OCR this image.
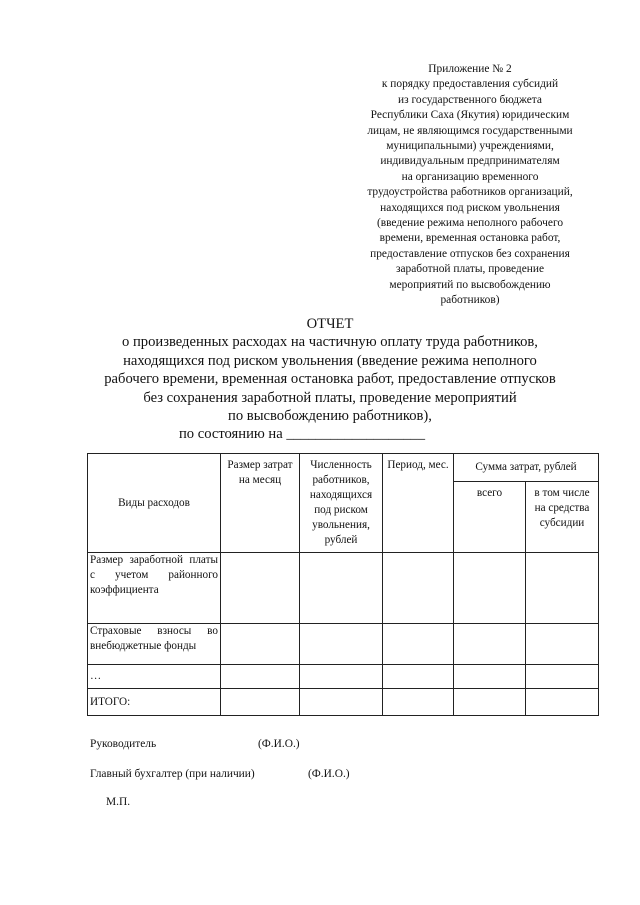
Приложение № 2
к порядку предоставления субсидий
из государственного бюджета
Республики Саха (Якутия) юридическим
лицам, не являющимся государственными
муниципальными) учреждениями,
индивидуальным предпринимателям
на организацию временного
трудоустройства работников организаций,
находящихся под риском увольнения
(введение режима неполного рабочего
времени, временная остановка работ,
предоставление отпусков без сохранения
заработной платы, проведение
мероприятий по высвобождению
работников)
ОТЧЕТ
о произведенных расходах на частичную оплату труда работников,
находящихся под риском увольнения (введение режима неполного
рабочего времени, временная остановка работ, предоставление отпусков
без сохранения заработной платы, проведение мероприятий
по высвобождению работников),
по состоянию на ___________________
Виды расходов	Размер затрат на месяц	Численность работников, находящихся под риском увольнения, рублей	Период, мес.	Сумма затрат, рублей	
				всего	в том числе на средства субсидии
Размер заработной платы с учетом районного коэффициента					
Страховые взносы во внебюджетные фонды					
…					
ИТОГО:					
Руководитель	(Ф.И.О.)
Главный бухгалтер (при наличии)	(Ф.И.О.)
М.П.
